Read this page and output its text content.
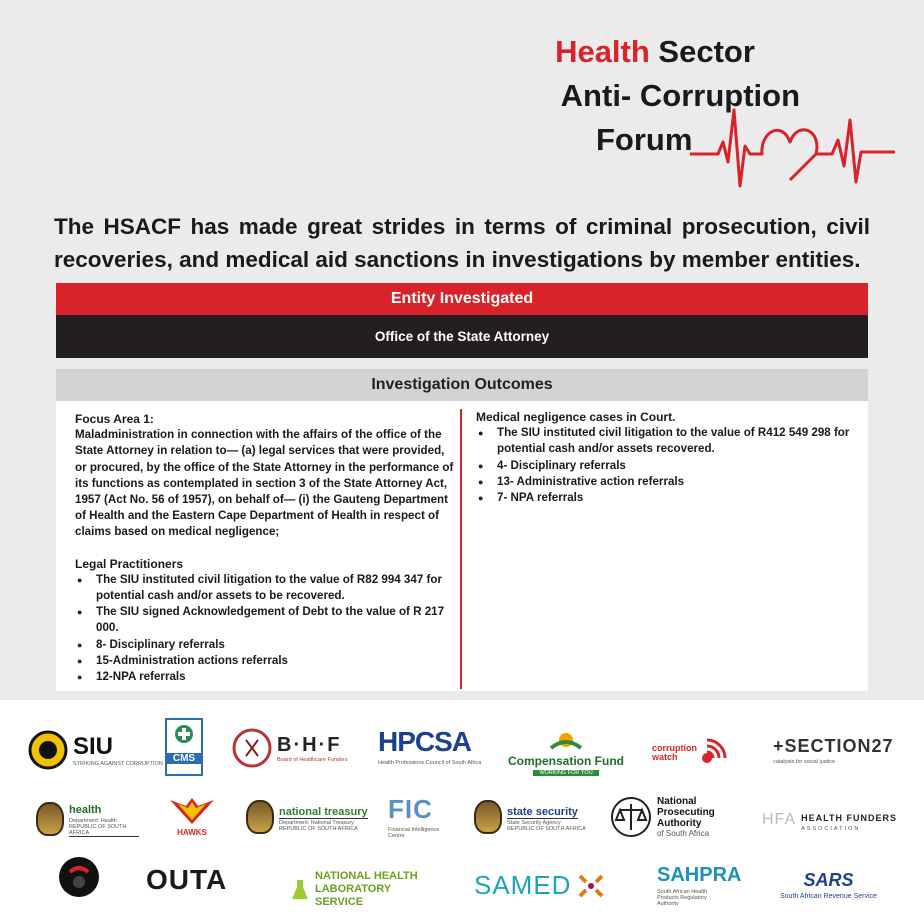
Health Sector
Anti- Corruption
Forum
The HSACF has made great strides in terms of criminal prosecution, civil
recoveries, and medical aid sanctions in investigations by member entities.
Entity Investigated
Office of the State Attorney
Investigation Outcomes

Focus Area 1:

Maladministration in connection with the affairs of the office of the State Attorney in relation to— (a) legal services that were provided, or procured, by the office of the State Attorney in the performance of its functions as contemplated in section 3 of the State Attorney Act, 1957 (Act No. 56 of 1957), on behalf of— (i) the Gauteng Department of Health and the Eastern Cape Department of Health in respect of claims based on medical negligence;

Legal Practitioners

● The SIU instituted civil litigation to the value of R82 994 347 for potential cash and/or assets to be recovered.
● The SIU signed Acknowledgement of Debt to the value of R 217 000.
● 8- Disciplinary referrals
● 15-Administration actions referrals
● 12-NPA referrals

Medical negligence cases in Court.

● The SIU instituted civil litigation to the value of R412 549 298 for potential cash and/or assets recovered.
● 4- Disciplinary referrals
● 13- Administrative action referrals
● 7- NPA referrals
SIU
STRIKING AGAINST CORRUPTION	CMS
B·H·F
Board of Healthcare Funders
HPCSA
Health Professions Council of South Africa Compensation Fund
WORKING FOR YOU
corruption watch
+SECTION27
catalysts for social justice
health
Department: Health REPUBLIC OF SOUTH AFRICA	HAWKS
national treasury
Department: National Treasury REPUBLIC OF SOUTH AFRICA
FIC
Financial Intelligence Centre
state security
State Security Agency REPUBLIC OF SOUTH AFRICA
National Prosecuting Authority
of South Africa
HFA HEALTH FUNDERS
ASSOCIATION
OUTA	NATIONAL HEALTH LABORATORY SERVICE
SAMED	SAHPRA
South African Health Products Regulatory Authority
SARS
South African Revenue Service
